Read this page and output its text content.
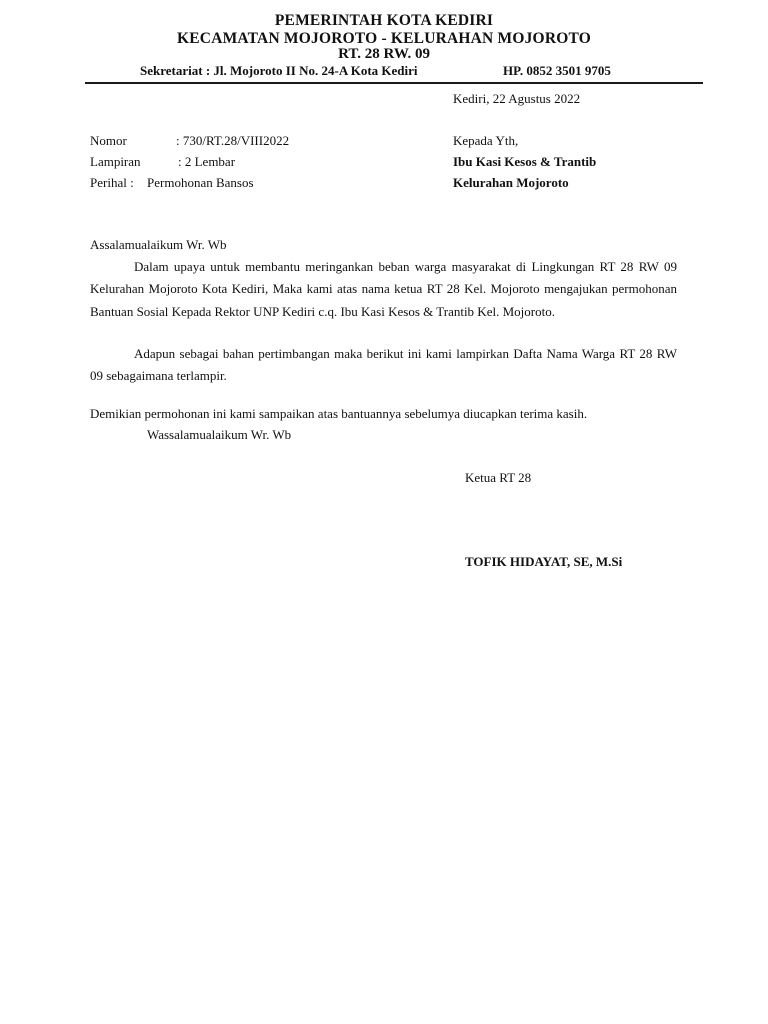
PEMERINTAH KOTA KEDIRI
KECAMATAN MOJOROTO - KELURAHAN MOJOROTO
RT. 28 RW. 09
Sekretariat : Jl. Mojoroto II No. 24-A Kota Kediri	HP. 0852 3501 9705
Kediri, 22 Agustus 2022
Nomor	: 730/RT.28/VIII2022
Lampiran	: 2 Lembar
Perihal : Permohonan Bansos
Kepada Yth,
Ibu Kasi Kesos & Trantib
Kelurahan Mojoroto
Assalamualaikum Wr. Wb
Dalam upaya untuk membantu meringankan beban warga masyarakat di Lingkungan RT 28 RW 09 Kelurahan Mojoroto Kota Kediri, Maka kami atas nama ketua RT 28 Kel. Mojoroto mengajukan permohonan Bantuan Sosial Kepada Rektor UNP Kediri c.q. Ibu Kasi Kesos & Trantib Kel. Mojoroto.
Adapun sebagai bahan pertimbangan maka berikut ini kami lampirkan Dafta Nama Warga RT 28 RW 09 sebagaimana terlampir.
Demikian permohonan ini kami sampaikan atas bantuannya sebelumya diucapkan terima kasih.
Wassalamualaikum Wr. Wb
Ketua RT 28
TOFIK HIDAYAT, SE, M.Si
